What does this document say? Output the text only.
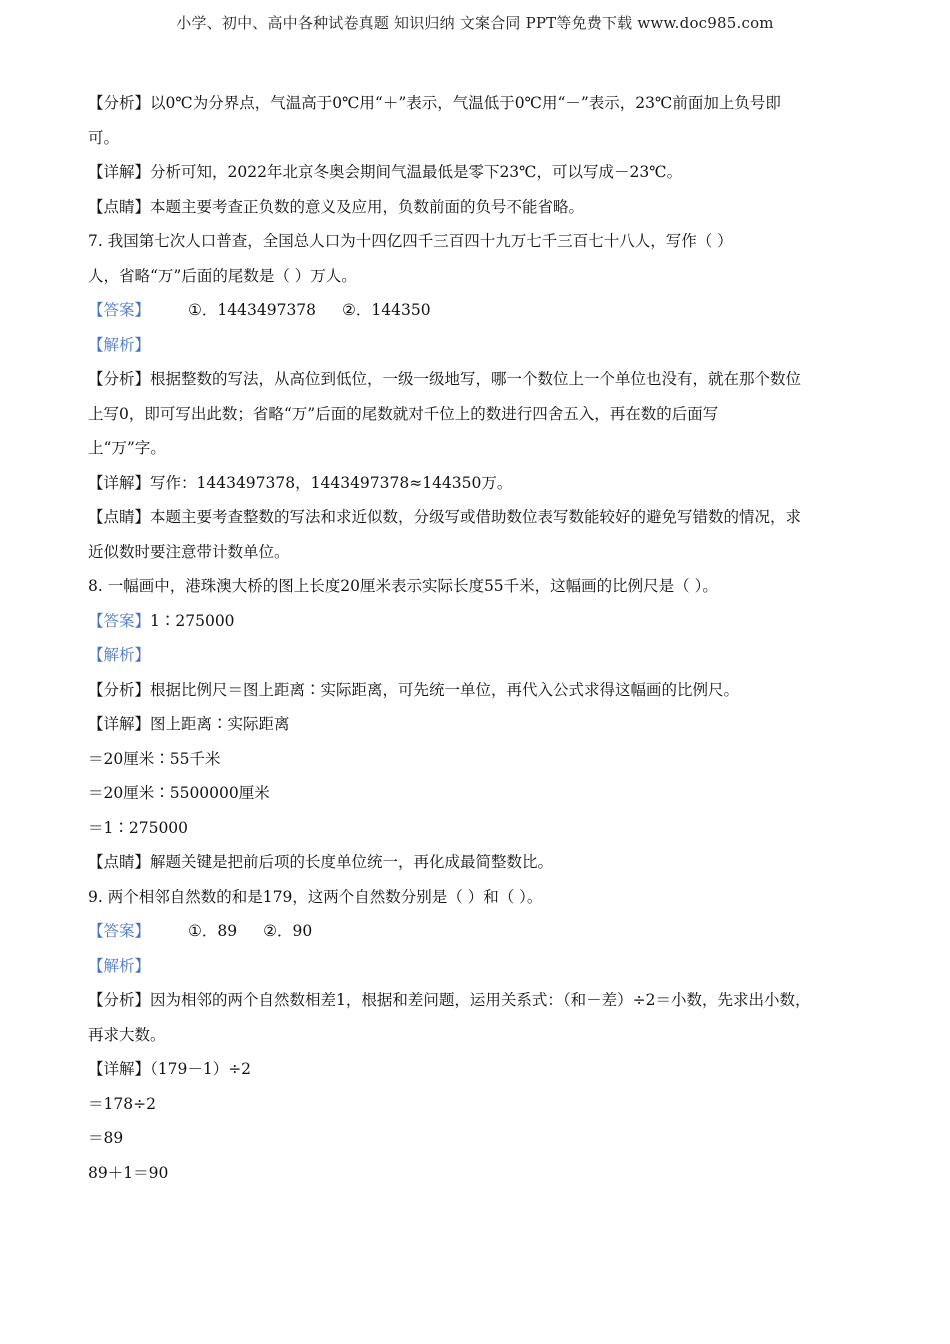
小学、初中、高中各种试卷真题 知识归纳 文案合同 PPT等免费下载 www.doc985.com
【分析】以0℃为分界点，气温高于0℃用“＋”表示，气温低于0℃用“－”表示，23℃前面加上负号即
可。
【详解】分析可知，2022年北京冬奥会期间气温最低是零下23℃，可以写成－23℃。
【点睛】本题主要考查正负数的意义及应用，负数前面的负号不能省略。
7. 我国第七次人口普查，全国总人口为十四亿四千三百四十九万七千三百七十八人，写作（ ）
人，省略“万”后面的尾数是（ ）万人。
【答案】 ①．1443497378 ②．144350
【解析】
【分析】根据整数的写法，从高位到低位，一级一级地写，哪一个数位上一个单位也没有，就在那个数位
上写0，即可写出此数；省略“万”后面的尾数就对千位上的数进行四舍五入，再在数的后面写
上“万”字。
【详解】写作：1443497378，1443497378≈144350万。
【点睛】本题主要考查整数的写法和求近似数，分级写或借助数位表写数能较好的避免写错数的情况，求
近似数时要注意带计数单位。
8. 一幅画中，港珠澳大桥的图上长度20厘米表示实际长度55千米，这幅画的比例尺是（ ）。
【答案】1∶275000
【解析】
【分析】根据比例尺＝图上距离∶实际距离，可先统一单位，再代入公式求得这幅画的比例尺。
【详解】图上距离∶实际距离
＝20厘米∶55千米
＝20厘米∶5500000厘米
＝1∶275000
【点睛】解题关键是把前后项的长度单位统一，再化成最简整数比。
9. 两个相邻自然数的和是179，这两个自然数分别是（ ）和（ ）。
【答案】 ①．89 ②．90
【解析】
【分析】因为相邻的两个自然数相差1，根据和差问题，运用关系式：（和－差）÷2＝小数，先求出小数，
再求大数。
【详解】（179－1）÷2
＝178÷2
＝89
89＋1＝90
